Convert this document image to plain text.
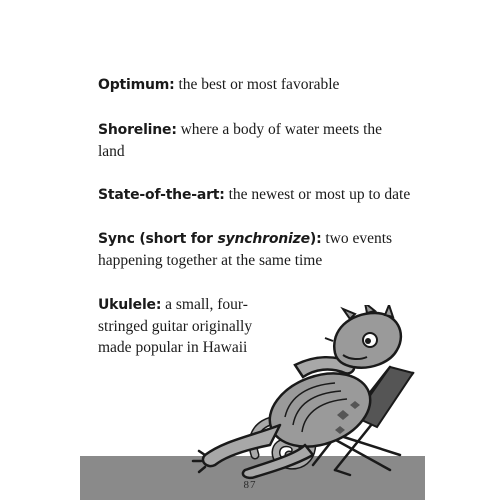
Optimum: the best or most favorable

Shoreline: where a body of water meets the land

State-of-the-art: the newest or most up to date

Sync (short for synchronize): two events happening together at the same time

Ukulele: a small, four-stringed guitar originally made popular in Hawaii

87
